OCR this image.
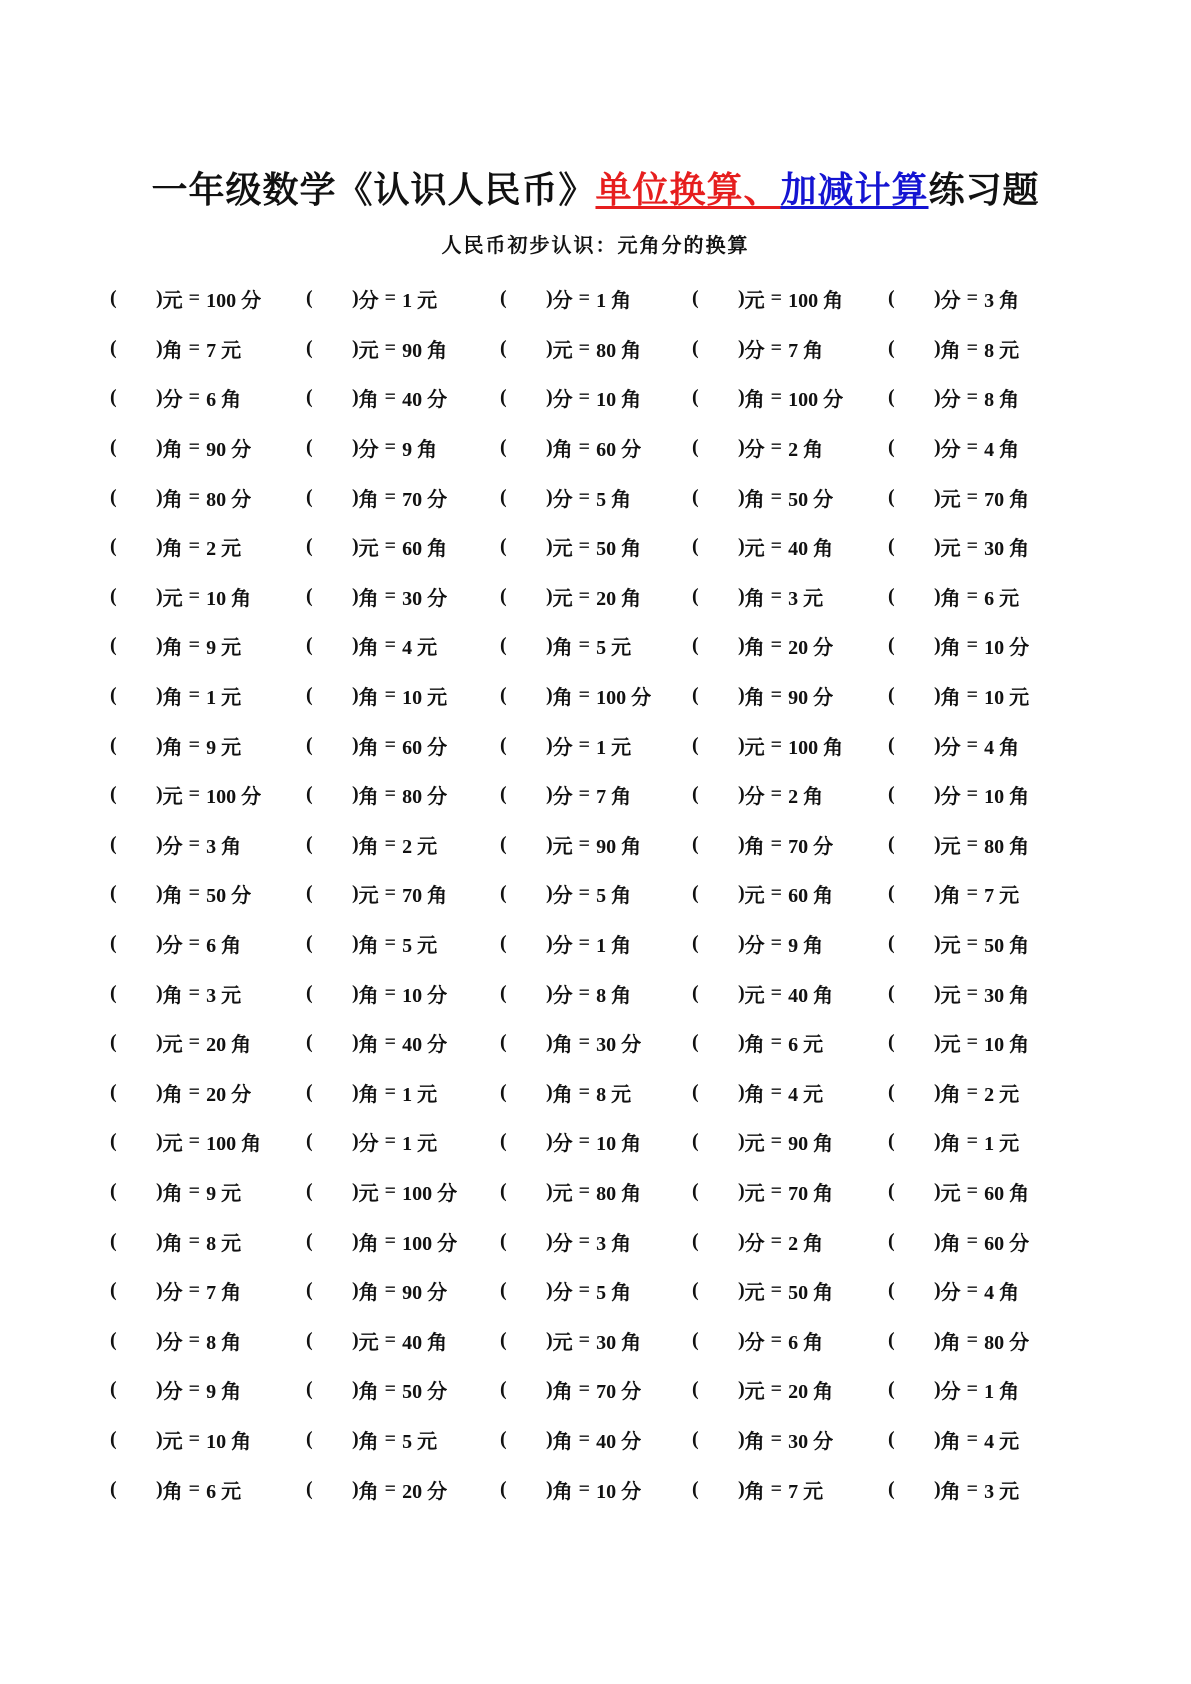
一年级数学《认识人民币》单位换算、加减计算练习题
人民币初步认识：元角分的换算
(	) 元 = 100 分 (	) 分 = 1 元	(	) 分 = 1 角	(	) 元 = 100 角 (	) 分 = 3 角
(	) 角 = 7 元	(	) 元 = 90 角	(	) 元 = 80 角	(	) 分 = 7 角	(	) 角 = 8 元
(	) 分 = 6 角	(	) 角 = 40 分	(	) 分 = 10 角	(	) 角 = 100 分 (	) 分 = 8 角
(	) 角 = 90 分	(	) 分 = 9 角	(	) 角 = 60 分	(	) 分 = 2 角	(	) 分 = 4 角
(	) 角 = 80 分	(	) 角 = 70 分	(	) 分 = 5 角	(	) 角 = 50 分	(	) 元 = 70 角
(	) 角 = 2 元	(	) 元 = 60 角	(	) 元 = 50 角	(	) 元 = 40 角	(	) 元 = 30 角
(	) 元 = 10 角	(	) 角 = 30 分	(	) 元 = 20 角	(	) 角 = 3 元	(	) 角 = 6 元
(	) 角 = 9 元	(	) 角 = 4 元	(	) 角 = 5 元	(	) 角 = 20 分	(	) 角 = 10 分
(	) 角 = 1 元	(	) 角 = 10 元	(	) 角 = 100 分 (	) 角 = 90 分	(	) 角 = 10 元
(	) 角 = 9 元	(	) 角 = 60 分	(	) 分 = 1 元	(	) 元 = 100 角 (	) 分 = 4 角
(	) 元 = 100 分 (	) 角 = 80 分	(	) 分 = 7 角	(	) 分 = 2 角	(	) 分 = 10 角
(	) 分 = 3 角	(	) 角 = 2 元	(	) 元 = 90 角	(	) 角 = 70 分	(	) 元 = 80 角
(	) 角 = 50 分	(	) 元 = 70 角	(	) 分 = 5 角	(	) 元 = 60 角	(	) 角 = 7 元
(	) 分 = 6 角	(	) 角 = 5 元	(	) 分 = 1 角	(	) 分 = 9 角	(	) 元 = 50 角
(	) 角 = 3 元	(	) 角 = 10 分	(	) 分 = 8 角	(	) 元 = 40 角	(	) 元 = 30 角
(	) 元 = 20 角	(	) 角 = 40 分	(	) 角 = 30 分	(	) 角 = 6 元	(	) 元 = 10 角
(	) 角 = 20 分	(	) 角 = 1 元	(	) 角 = 8 元	(	) 角 = 4 元	(	) 角 = 2 元
(	) 元 = 100 角 (	) 分 = 1 元	(	) 分 = 10 角	(	) 元 = 90 角	(	) 角 = 1 元
(	) 角 = 9 元	(	) 元 = 100 分 (	) 元 = 80 角	(	) 元 = 70 角	(	) 元 = 60 角
(	) 角 = 8 元	(	) 角 = 100 分 (	) 分 = 3 角	(	) 分 = 2 角	(	) 角 = 60 分
(	) 分 = 7 角	(	) 角 = 90 分	(	) 分 = 5 角	(	) 元 = 50 角	(	) 分 = 4 角
(	) 分 = 8 角	(	) 元 = 40 角	(	) 元 = 30 角	(	) 分 = 6 角	(	) 角 = 80 分
(	) 分 = 9 角	(	) 角 = 50 分	(	) 角 = 70 分	(	) 元 = 20 角	(	) 分 = 1 角
(	) 元 = 10 角	(	) 角 = 5 元	(	) 角 = 40 分	(	) 角 = 30 分	(	) 角 = 4 元
(	) 角 = 6 元	(	) 角 = 20 分	(	) 角 = 10 分	(	) 角 = 7 元	(	) 角 = 3 元
